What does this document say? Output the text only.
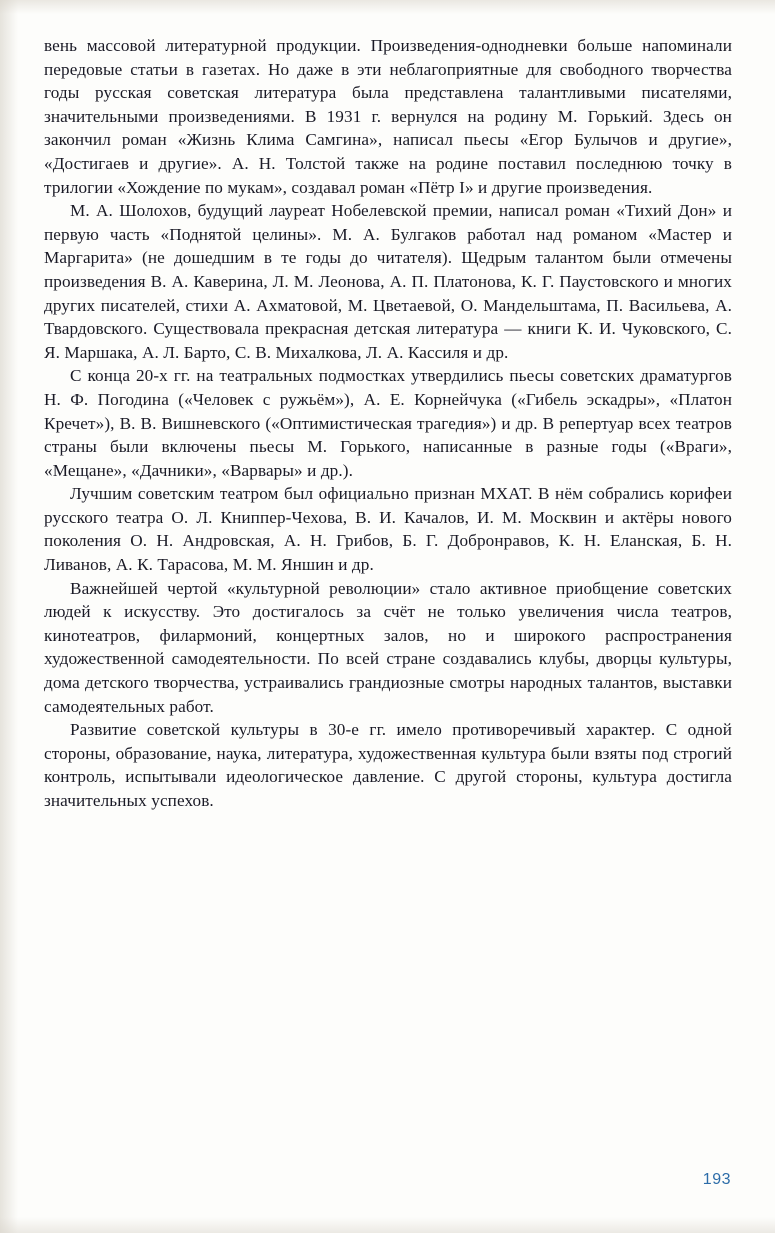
вень массовой литературной продукции. Произведения-однодневки больше напоминали передовые статьи в газетах. Но даже в эти неблагоприятные для свободного творчества годы русская советская литература была представлена талантливыми писателями, значительными произведениями. В 1931 г. вернулся на родину М. Горький. Здесь он закончил роман «Жизнь Клима Самгина», написал пьесы «Егор Булычов и другие», «Достигаев и другие». А. Н. Толстой также на родине поставил последнюю точку в трилогии «Хождение по мукам», создавал роман «Пётр I» и другие произведения.

М. А. Шолохов, будущий лауреат Нобелевской премии, написал роман «Тихий Дон» и первую часть «Поднятой целины». М. А. Булгаков работал над романом «Мастер и Маргарита» (не дошедшим в те годы до читателя). Щедрым талантом были отмечены произведения В. А. Каверина, Л. М. Леонова, А. П. Платонова, К. Г. Паустовского и многих других писателей, стихи А. Ахматовой, М. Цветаевой, О. Мандельштама, П. Васильева, А. Твардовского. Существовала прекрасная детская литература — книги К. И. Чуковского, С. Я. Маршака, А. Л. Барто, С. В. Михалкова, Л. А. Кассиля и др.

С конца 20-х гг. на театральных подмостках утвердились пьесы советских драматургов Н. Ф. Погодина («Человек с ружьём»), А. Е. Корнейчука («Гибель эскадры», «Платон Кречет»), В. В. Вишневского («Оптимистическая трагедия») и др. В репертуар всех театров страны были включены пьесы М. Горького, написанные в разные годы («Враги», «Мещане», «Дачники», «Варвары» и др.).

Лучшим советским театром был официально признан МХАТ. В нём собрались корифеи русского театра О. Л. Книппер-Чехова, В. И. Качалов, И. М. Москвин и актёры нового поколения О. Н. Андровская, А. Н. Грибов, Б. Г. Добронравов, К. Н. Еланская, Б. Н. Ливанов, А. К. Тарасова, М. М. Яншин и др.

Важнейшей чертой «культурной революции» стало активное приобщение советских людей к искусству. Это достигалось за счёт не только увеличения числа театров, кинотеатров, филармоний, концертных залов, но и широкого распространения художественной самодеятельности. По всей стране создавались клубы, дворцы культуры, дома детского творчества, устраивались грандиозные смотры народных талантов, выставки самодеятельных работ.

Развитие советской культуры в 30-е гг. имело противоречивый характер. С одной стороны, образование, наука, литература, художественная культура были взяты под строгий контроль, испытывали идеологическое давление. С другой стороны, культура достигла значительных успехов.

193
